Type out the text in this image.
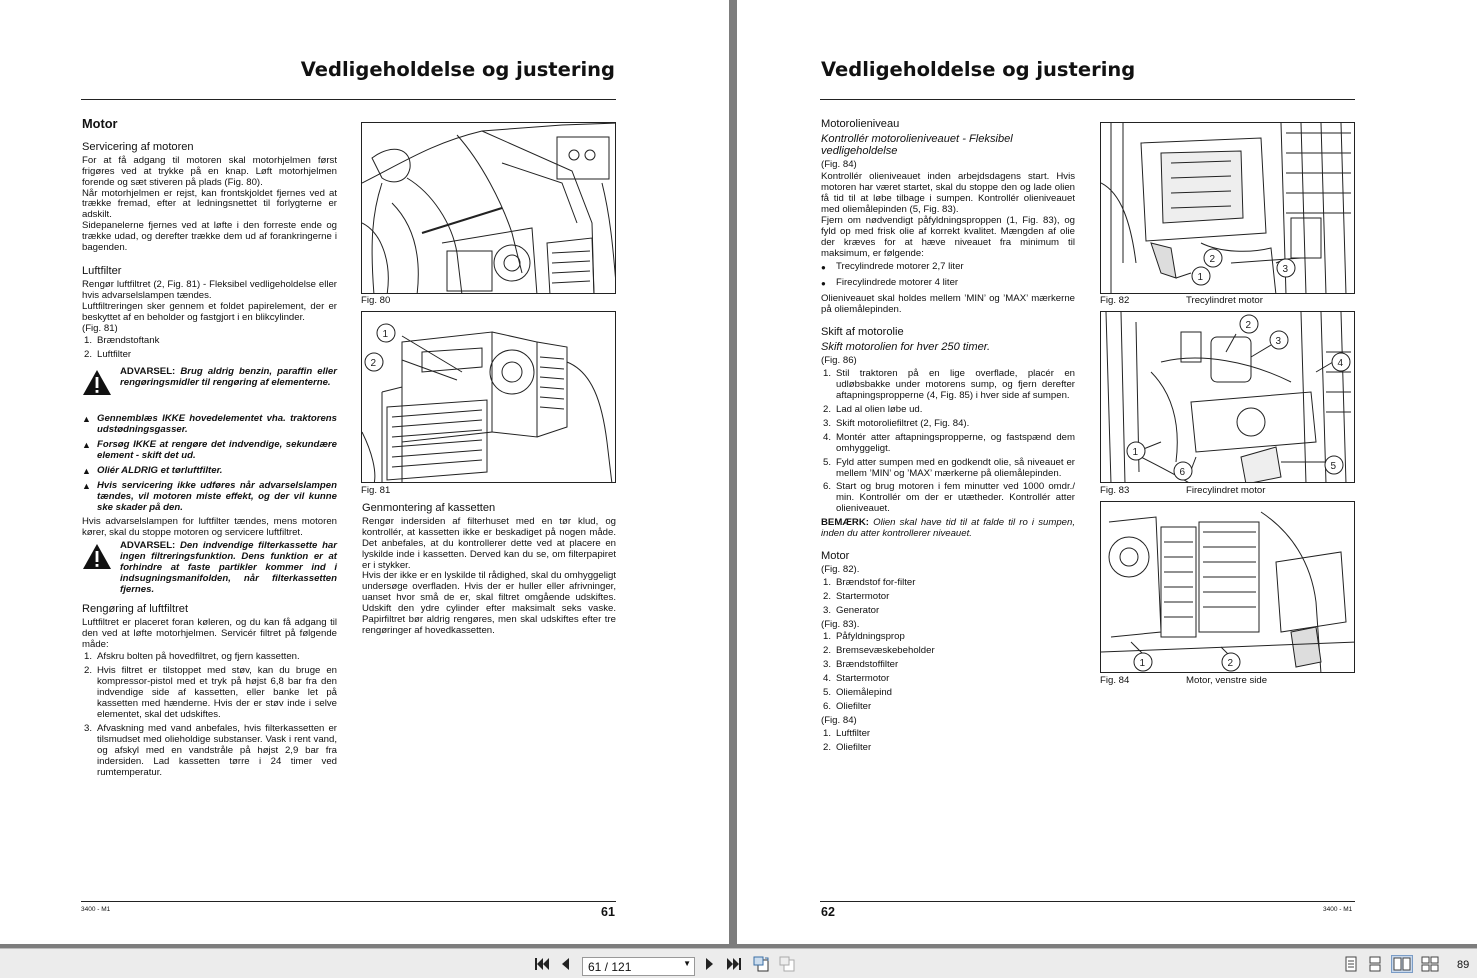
Vedligeholdelse og justering
Motor
Servicering af motoren

For at få adgang til motoren skal motorhjelmen først frigøres ved at trykke på en knap. Løft motorhjelmen forende og sæt stiveren på plads (Fig. 80).

Når motorhjelmen er rejst, kan frontskjoldet fjernes ved at trække fremad, efter at ledningsnettet til forlygterne er adskilt.

Sidepanelerne fjernes ved at løfte i den forreste ende og trække udad, og derefter trække dem ud af forankringerne i bagenden.

Luftfilter

Rengør luftfiltret (2, Fig. 81) - Fleksibel vedligeholdelse eller hvis advarselslampen tændes.

Luftfiltreringen sker gennem et foldet papirelement, der er beskyttet af en beholder og fastgjort i en blikcylinder.

(Fig. 81)

1. Brændstoftank
2. Luftfilter
ADVARSEL: Brug aldrig benzin, paraffin eller rengøringsmidler til rengøring af elementerne.
▲ Gennemblæs IKKE hovedelementet vha. traktorens udstødningsgasser.
▲ Forsøg IKKE at rengøre det indvendige, sekundære element - skift det ud.
▲ Oliér ALDRIG et tørluftfilter.
▲ Hvis servicering ikke udføres når advarselslampen tændes, vil motoren miste effekt, og der vil kunne ske skader på den.

Hvis advarselslampen for luftfilter tændes, mens motoren kører, skal du stoppe motoren og servicere luftfiltret.

ADVARSEL: Den indvendige filterkassette har ingen filtreringsfunktion. Dens funktion er at forhindre at faste partikler kommer ind i indsugningsmanifolden, når filterkassetten fjernes.
Rengøring af luftfiltret

Luftfiltret er placeret foran køleren, og du kan få adgang til den ved at løfte motorhjelmen. Servicér filtret på følgende måde:

1. Afskru bolten på hovedfiltret, og fjern kassetten.
2. Hvis filtret er tilstoppet med støv, kan du bruge en kompressor-pistol med et tryk på højst 6,8 bar fra den indvendige side af kassetten, eller banke let på kassetten med hænderne. Hvis der er støv inde i selve elementet, skal det udskiftes.
3. Afvaskning med vand anbefales, hvis filterkassetten er tilsmudset med olieholdige substanser. Vask i rent vand, og afskyl med en vandstråle på højst 2,9 bar fra indersiden. Lad kassetten tørre i 24 timer ved rumtemperatur.
Fig. 80
1
2
Fig. 81
Genmontering af kassetten

Rengør indersiden af filterhuset med en tør klud, og kontrollér, at kassetten ikke er beskadiget på nogen måde. Det anbefales, at du kontrollerer dette ved at placere en lyskilde inde i kassetten. Derved kan du se, om filterpapiret er i stykker.

Hvis der ikke er en lyskilde til rådighed, skal du omhyggeligt undersøge overfladen. Hvis der er huller eller afrivninger, uanset hvor små de er, skal filtret omgående udskiftes. Udskift den ydre cylinder efter maksimalt seks vaske. Papirfiltret bør aldrig rengøres, men skal udskiftes efter tre rengøringer af hovedkassetten.

3400 - M1	61
Vedligeholdelse og justering
Motorolieniveau
Kontrollér motorolieniveauet - Fleksibel vedligeholdelse

(Fig. 84)

Kontrollér olieniveauet inden arbejdsdagens start. Hvis motoren har været startet, skal du stoppe den og lade olien få tid til at løbe tilbage i sumpen. Kontrollér olieniveauet med oliemålepinden (5, Fig. 83).

Fjern om nødvendigt påfyldningsproppen (1, Fig. 83), og fyld op med frisk olie af korrekt kvalitet. Mængden af olie der kræves for at hæve niveauet fra minimum til maksimum, er følgende:

●	Trecylindrede motorer 2,7 liter
●	Firecylindrede motorer 4 liter

Olieniveauet skal holdes mellem ’MIN’ og ’MAX’ mærkerne på oliemålepinden.

Skift af motorolie
Skift motorolien for hver 250 timer.

(Fig. 86)

1. Stil traktoren på en lige overflade, placér en udløbsbakke under motorens sump, og fjern derefter aftapningspropperne (4, Fig. 85) i hver side af sumpen.
2. Lad al olien løbe ud.
3. Skift motoroliefiltret (2, Fig. 84).
4. Montér atter aftapningspropperne, og fastspænd dem omhyggeligt.
5. Fyld atter sumpen med en godkendt olie, så niveauet er mellem ’MIN’ og ’MAX’ mærkerne på oliemålepinden.
6. Start og brug motoren i fem minutter ved 1000 omdr./ min. Kontrollér om der er utætheder. Kontrollér atter olieniveauet.

BEMÆRK: Olien skal have tid til at falde til ro i sumpen, inden du atter kontrollerer niveauet.

Motor

(Fig. 82).

1. Brændstof for-filter
2. Startermotor
3. Generator

(Fig. 83).

1. Påfyldningsprop
2. Bremsevæskebeholder
3. Brændstoffilter
4. Startermotor
5. Oliemålepind
6. Oliefilter

(Fig. 84)

1. Luftfilter
2. Oliefilter
1
2
3
Fig. 82	Trecylindret motor
1
2
3
4
5
6
Fig. 83	Firecylindret motor
1	2
Fig. 84	Motor, venstre side
62	3400 - M1
61 / 121	▼	89
